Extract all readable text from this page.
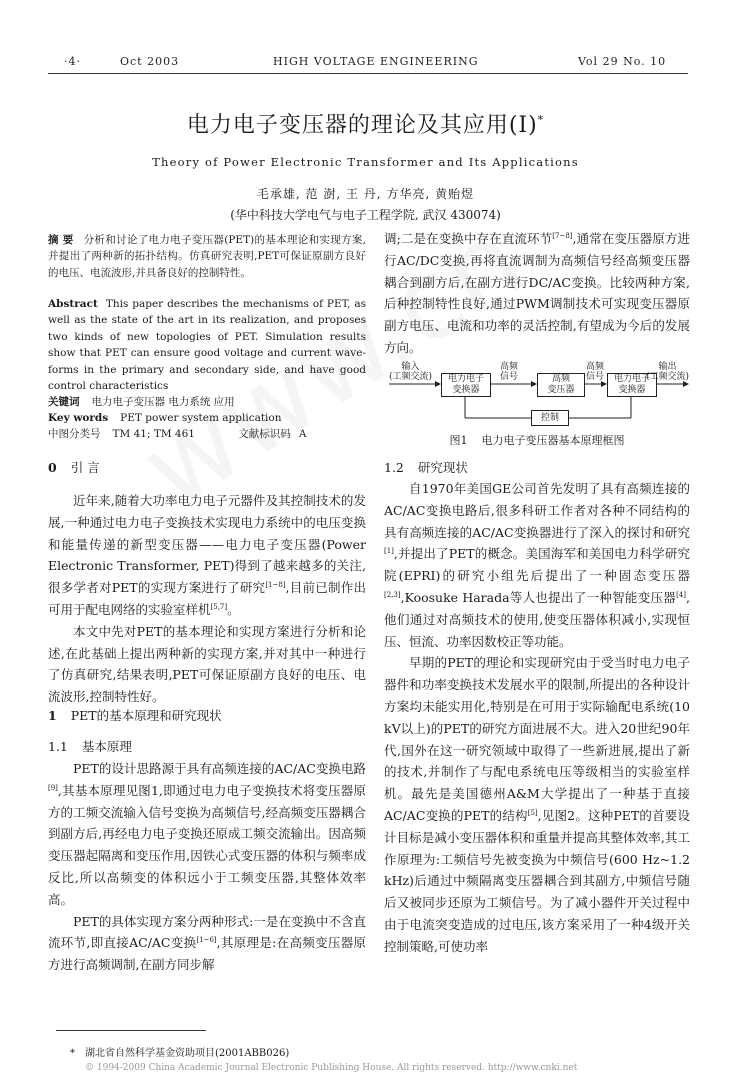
·4·	Oct 2003	HIGH VOLTAGE ENGINEERING	Vol 29 No. 10
电力电子变压器的理论及其应用(Ⅰ)*
Theory of Power Electronic Transformer and Its Applications
毛承雄, 范 澍, 王 丹, 方华亮, 黄贻煜
(华中科技大学电气与电子工程学院, 武汉 430074)
摘 要 分析和讨论了电力电子变压器(PET)的基本理论和实现方案,并提出了两种新的拓扑结构。仿真研究表明,PET可保证原副方良好的电压、电流波形,并具备良好的控制特性。
Abstract This paper describes the mechanisms of PET, as well as the state of the art in its realization, and proposes two kinds of new topologies of PET. Simulation results show that PET can ensure good voltage and current wave-forms in the primary and secondary side, and have good control characteristics
关键词 电力电子变压器 电力系统 应用
Key words PET power system application
中图分类号 TM 41; TM 461	文献标识码 A
0 引 言

近年来,随着大功率电力电子元器件及其控制技术的发展,一种通过电力电子变换技术实现电力系统中的电压变换和能量传递的新型变压器——电力电子变压器(Power Electronic Transformer, PET)得到了越来越多的关注,很多学者对PET的实现方案进行了研究[1~8],目前已制作出可用于配电网络的实验室样机[5,7]。

本文中先对PET的基本理论和实现方案进行分析和论述,在此基础上提出两种新的实现方案,并对其中一种进行了仿真研究,结果表明,PET可保证原副方良好的电压、电流波形,控制特性好。

1 PET的基本原理和研究现状
1.1 基本原理

PET的设计思路源于具有高频连接的AC/AC变换电路[9],其基本原理见图1,即通过电力电子变换技术将变压器原方的工频交流输入信号变换为高频信号,经高频变压器耦合到副方后,再经电力电子变换还原成工频交流输出。因高频变压器起隔离和变压作用,因铁心式变压器的体积与频率成反比,所以高频变的体积远小于工频变压器,其整体效率高。

PET的具体实现方案分两种形式:一是在变换中不含直流环节,即直接AC/AC变换[1~6],其原理是:在高频变压器原方进行高频调制,在副方同步解

调;二是在变换中存在直流环节[7~8],通常在变压器原方进行AC/DC变换,再将直流调制为高频信号经高频变压器耦合到副方后,在副方进行DC/AC变换。比较两种方案,后种控制特性良好,通过PWM调制技术可实现变压器原副方电压、电流和功率的灵活控制,有望成为今后的发展方向。

输入
(工频交流)	电力电子
变换器
高频
信号	高频
变压器
高频
信号	电力电子
变换器
输出
(工频交流)
控制
图1 电力电子变压器基本原理框图
1.2 研究现状

自1970年美国GE公司首先发明了具有高频连接的AC/AC变换电路后,很多科研工作者对各种不同结构的具有高频连接的AC/AC变换器进行了深入的探讨和研究[1],并提出了PET的概念。美国海军和美国电力科学研究院(EPRI)的研究小组先后提出了一种固态变压器[2,3],Koosuke Harada等人也提出了一种智能变压器[4],他们通过对高频技术的使用,使变压器体积减小,实现恒压、恒流、功率因数校正等功能。

早期的PET的理论和实现研究由于受当时电力电子器件和功率变换技术发展水平的限制,所提出的各种设计方案均未能实用化,特别是在可用于实际输配电系统(10 kV以上)的PET的研究方面进展不大。进入20世纪90年代,国外在这一研究领域中取得了一些新进展,提出了新的技术,并制作了与配电系统电压等级相当的实验室样机。最先是美国德州A&M大学提出了一种基于直接AC/AC变换的PET的结构[5],见图2。这种PET的首要设计目标是减小变压器体积和重量并提高其整体效率,其工作原理为:工频信号先被变换为中频信号(600 Hz~1.2 kHz)后通过中频隔离变压器耦合到其副方,中频信号随后又被同步还原为工频信号。为了减小器件开关过程中由于电流突变造成的过电压,该方案采用了一种4级开关控制策略,可使功率

* 湖北省自然科学基金资助项目(2001ABB026)
© 1994-2009 China Academic Journal Electronic Publishing House. All rights reserved. http://www.cnki.net
